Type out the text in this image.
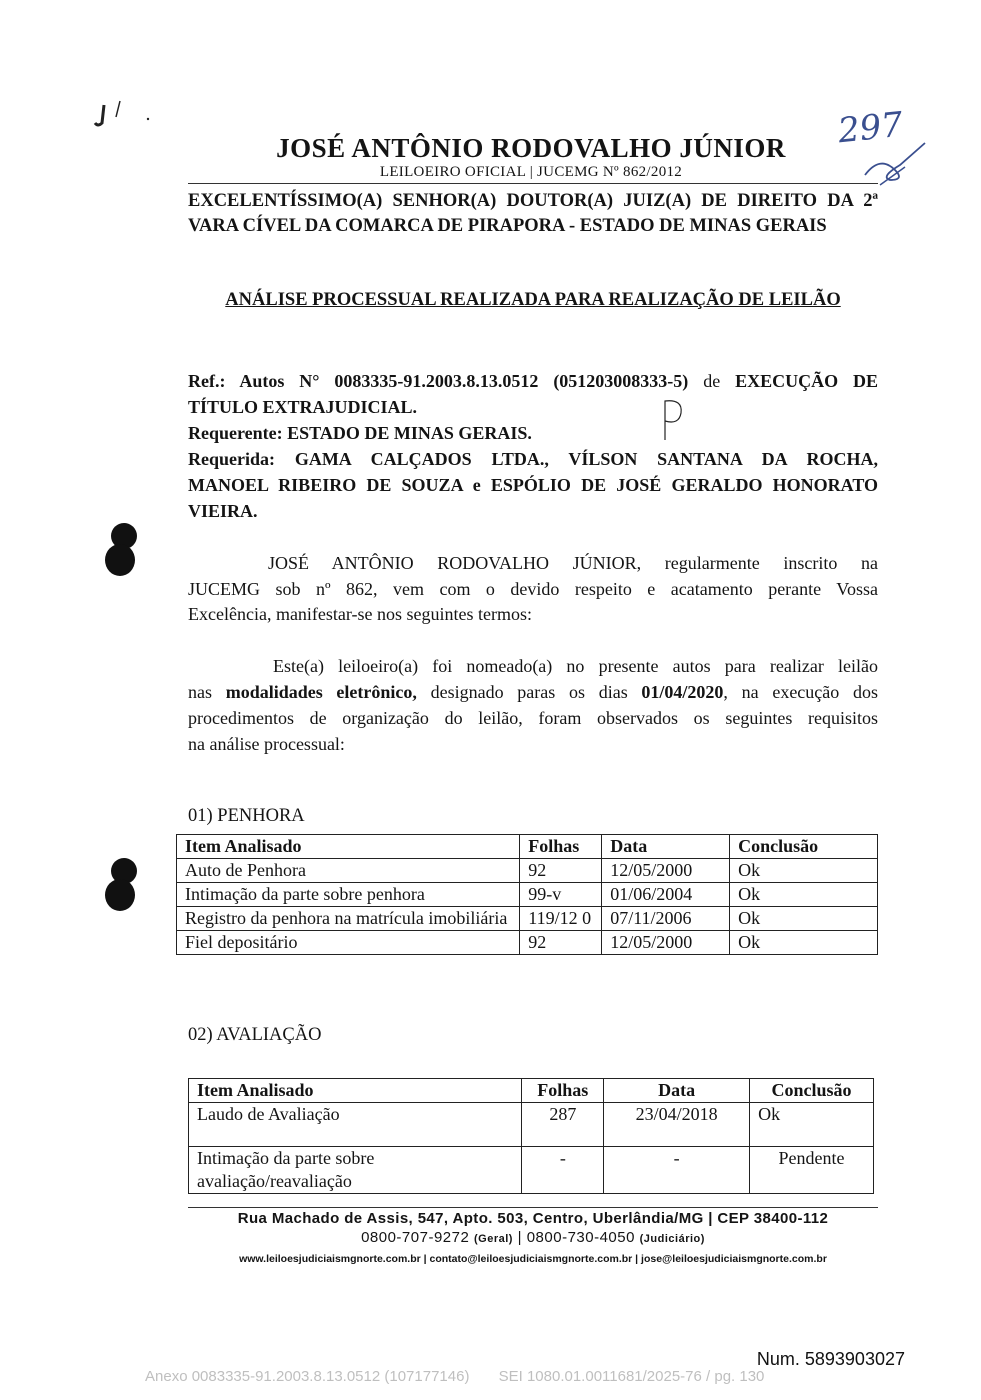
297
JOSÉ ANTÔNIO RODOVALHO JÚNIOR
LEILOEIRO OFICIAL | JUCEMG Nº 862/2012
EXCELENTÍSSIMO(A) SENHOR(A) DOUTOR(A) JUIZ(A) DE DIREITO DA 2ª
VARA CÍVEL DA COMARCA DE PIRAPORA - ESTADO DE MINAS GERAIS
ANÁLISE PROCESSUAL REALIZADA PARA REALIZAÇÃO DE LEILÃO
Ref.: Autos N° 0083335-91.2003.8.13.0512 (051203008333-5) de EXECUÇÃO DE
TÍTULO EXTRAJUDICIAL.
Requerente: ESTADO DE MINAS GERAIS.
Requerida: GAMA CALÇADOS LTDA., VÍLSON SANTANA DA ROCHA,
MANOEL RIBEIRO DE SOUZA e ESPÓLIO DE JOSÉ GERALDO HONORATO
VIEIRA.
JOSÉ ANTÔNIO RODOVALHO JÚNIOR, regularmente inscrito na
JUCEMG sob nº 862, vem com o devido respeito e acatamento perante Vossa
Excelência, manifestar-se nos seguintes termos:
Este(a) leiloeiro(a) foi nomeado(a) no presente autos para realizar leilão
nas modalidades eletrônico, designado paras os dias 01/04/2020, na execução dos
procedimentos de organização do leilão, foram observados os seguintes requisitos
na análise processual:
01) PENHORA
Item Analisado	Folhas	Data	Conclusão
Auto de Penhora	92	12/05/2000	Ok
Intimação da parte sobre penhora	99-v	01/06/2004	Ok
Registro da penhora na matrícula imobiliária	119/12 0	07/11/2006	Ok
Fiel depositário	92	12/05/2000	Ok
02) AVALIAÇÃO
Item Analisado	Folhas	Data	Conclusão
Laudo de Avaliação	287	23/04/2018	Ok
Intimação da parte sobre avaliação/reavaliação	-	-	Pendente
Rua Machado de Assis, 547, Apto. 503, Centro, Uberlândia/MG | CEP 38400-112
0800-707-9272 (Geral) | 0800-730-4050 (Judiciário)
www.leiloesjudiciaismgnorte.com.br | contato@leiloesjudiciaismgnorte.com.br | jose@leiloesjudiciaismgnorte.com.br
Num. 5893903027
Anexo 0083335-91.2003.8.13.0512 (107177146)       SEI 1080.01.0011681/2025-76 / pg. 130
